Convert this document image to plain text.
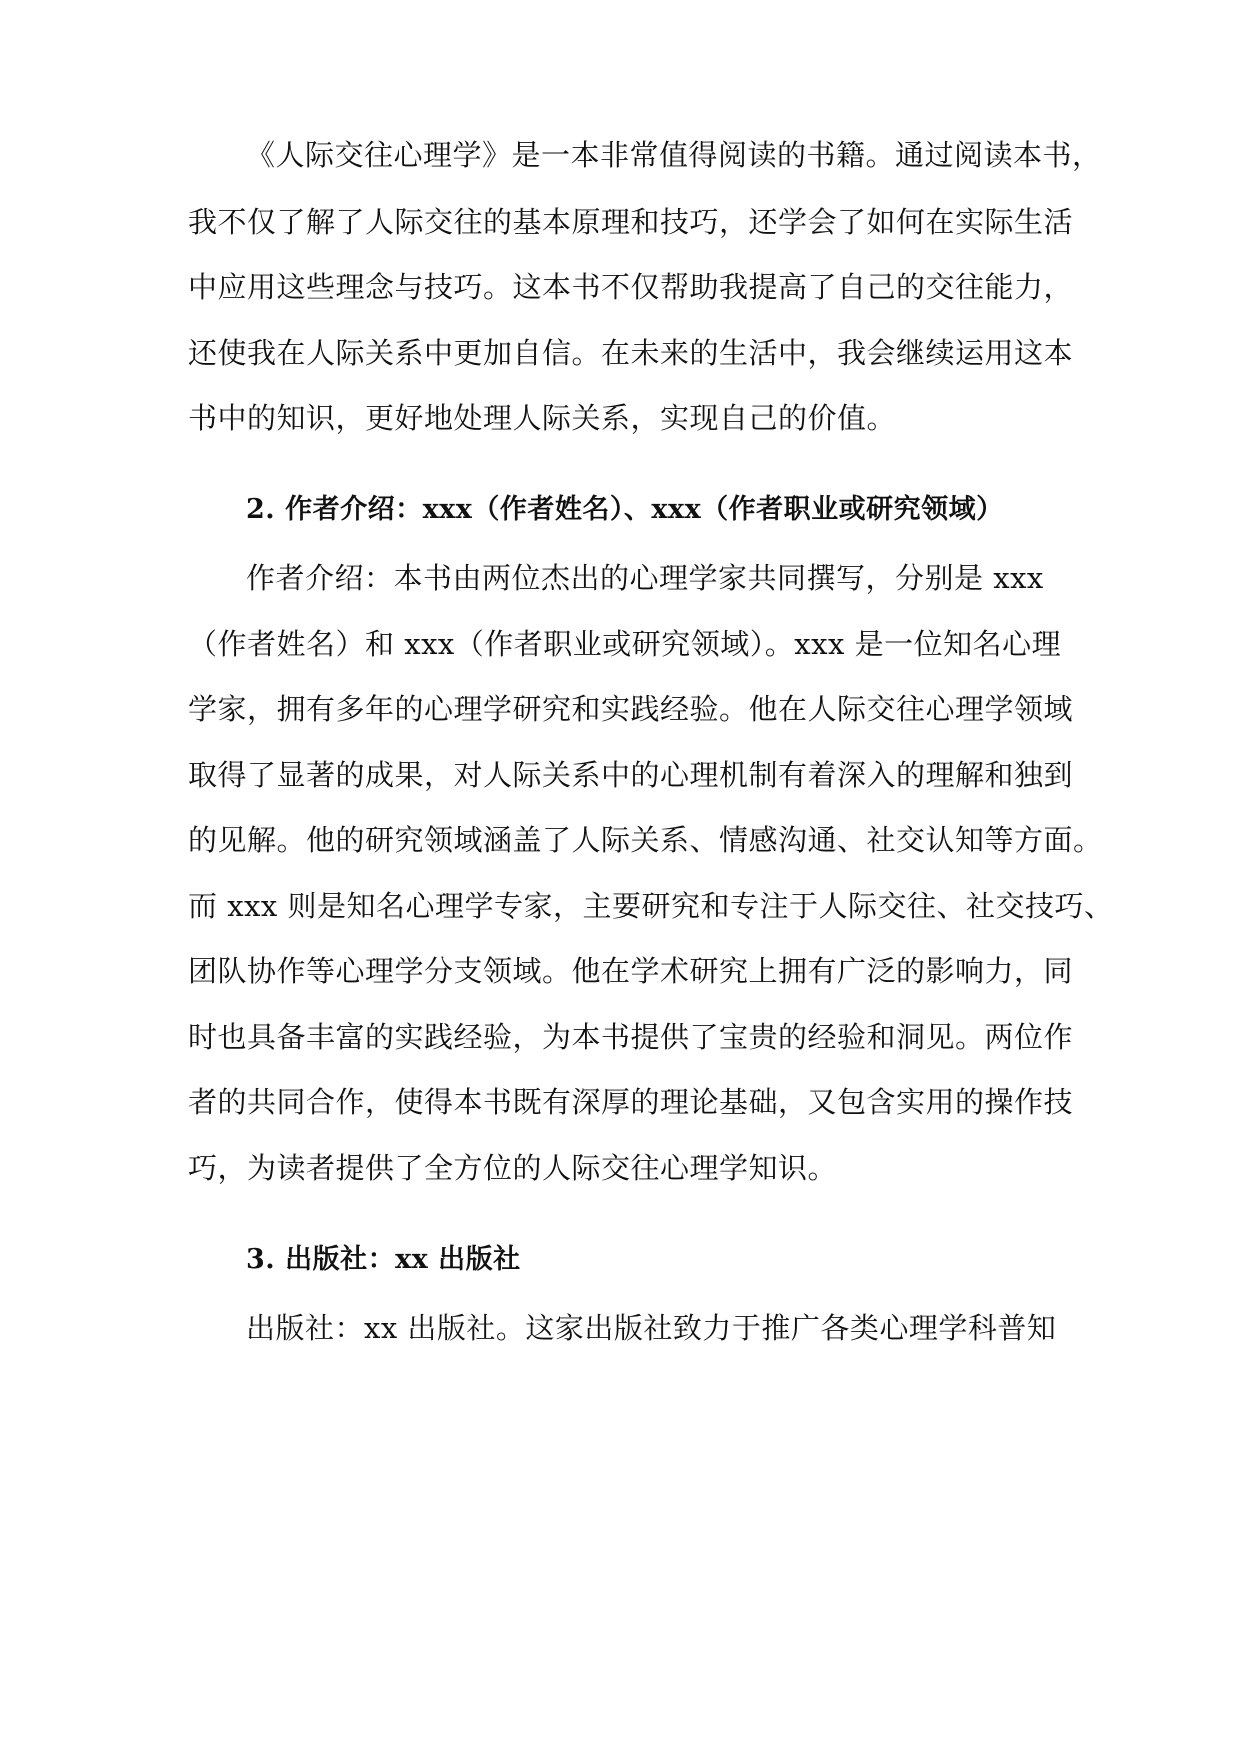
《人际交往心理学》是一本非常值得阅读的书籍。通过阅读本书，
我不仅了解了人际交往的基本原理和技巧，还学会了如何在实际生活
中应用这些理念与技巧。这本书不仅帮助我提高了自己的交往能力，
还使我在人际关系中更加自信。在未来的生活中，我会继续运用这本
书中的知识，更好地处理人际关系，实现自己的价值。
2. 作者介绍：xxx（作者姓名）、xxx（作者职业或研究领域）
作者介绍：本书由两位杰出的心理学家共同撰写，分别是 xxx
（作者姓名）和 xxx（作者职业或研究领域）。xxx 是一位知名心理
学家，拥有多年的心理学研究和实践经验。他在人际交往心理学领域
取得了显著的成果，对人际关系中的心理机制有着深入的理解和独到
的见解。他的研究领域涵盖了人际关系、情感沟通、社交认知等方面。
而 xxx 则是知名心理学专家，主要研究和专注于人际交往、社交技巧、
团队协作等心理学分支领域。他在学术研究上拥有广泛的影响力，同
时也具备丰富的实践经验，为本书提供了宝贵的经验和洞见。两位作
者的共同合作，使得本书既有深厚的理论基础，又包含实用的操作技
巧，为读者提供了全方位的人际交往心理学知识。
3. 出版社：xx 出版社
出版社：xx 出版社。这家出版社致力于推广各类心理学科普知
